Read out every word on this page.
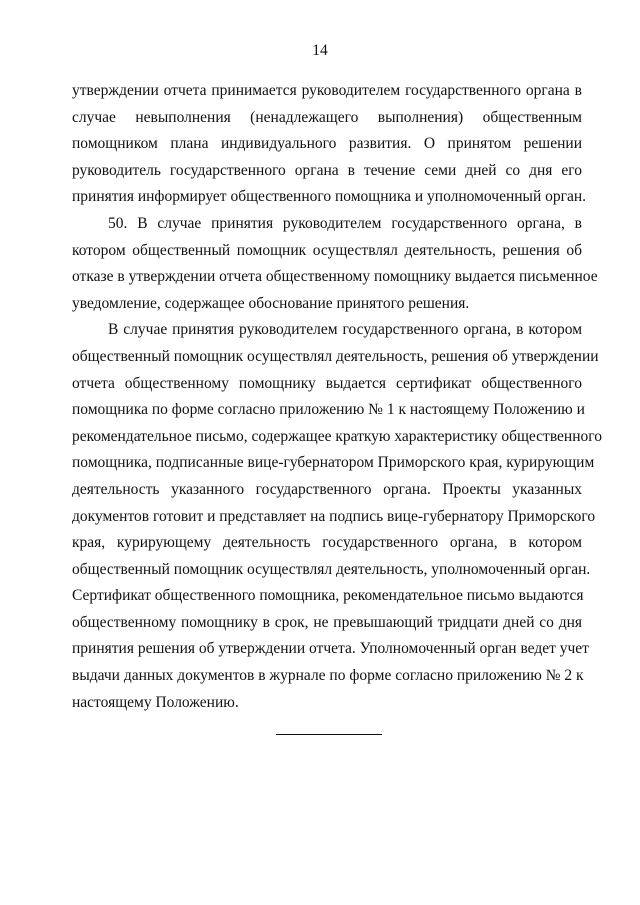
14
утверждении отчета принимается руководителем государственного органа в
случае невыполнения (ненадлежащего выполнения) общественным
помощником плана индивидуального развития. О принятом решении
руководитель государственного органа в течение семи дней со дня его
принятия информирует общественного помощника и уполномоченный орган.
50. В случае принятия руководителем государственного органа, в
котором общественный помощник осуществлял деятельность, решения об
отказе в утверждении отчета общественному помощнику выдается письменное
уведомление, содержащее обоснование принятого решения.
В случае принятия руководителем государственного органа, в котором
общественный помощник осуществлял деятельность, решения об утверждении
отчета общественному помощнику выдается сертификат общественного
помощника по форме согласно приложению № 1 к настоящему Положению и
рекомендательное письмо, содержащее краткую характеристику общественного
помощника, подписанные вице-губернатором Приморского края, курирующим
деятельность указанного государственного органа. Проекты указанных
документов готовит и представляет на подпись вице-губернатору Приморского
края, курирующему деятельность государственного органа, в котором
общественный помощник осуществлял деятельность, уполномоченный орган.
Сертификат общественного помощника, рекомендательное письмо выдаются
общественному помощнику в срок, не превышающий тридцати дней со дня
принятия решения об утверждении отчета. Уполномоченный орган ведет учет
выдачи данных документов в журнале по форме согласно приложению № 2 к
настоящему Положению.
